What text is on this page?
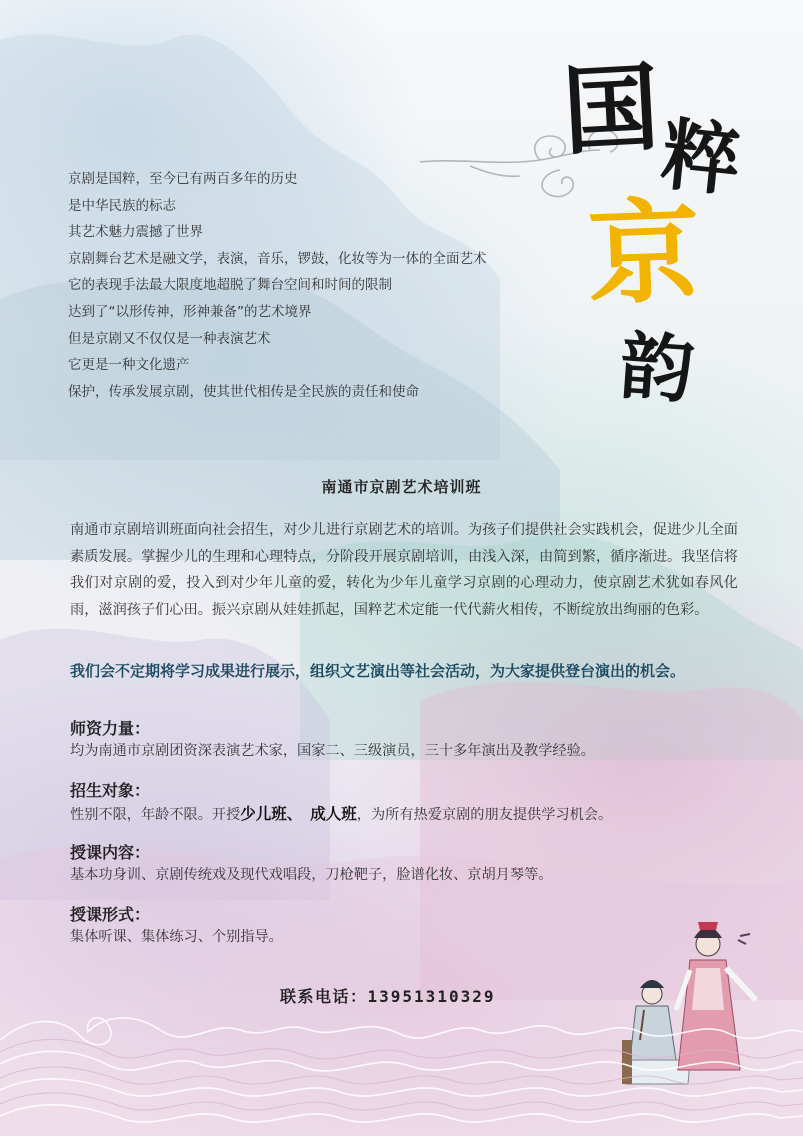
国
粹
京
韵
京剧是国粹，至今已有两百多年的历史
是中华民族的标志
其艺术魅力震撼了世界
京剧舞台艺术是融文学，表演，音乐，锣鼓，化妆等为一体的全面艺术
它的表现手法最大限度地超脱了舞台空间和时间的限制
达到了“以形传神，形神兼备”的艺术境界
但是京剧又不仅仅是一种表演艺术
它更是一种文化遗产
保护，传承发展京剧，使其世代相传是全民族的责任和使命
南通市京剧艺术培训班

南通市京剧培训班面向社会招生，对少儿进行京剧艺术的培训。为孩子们提供社会实践机会，促进少儿全面素质发展。掌握少儿的生理和心理特点，分阶段开展京剧培训，由浅入深，由简到繁，循序渐进。我坚信将我们对京剧的爱，投入到对少年儿童的爱，转化为少年儿童学习京剧的心理动力，使京剧艺术犹如春风化雨，滋润孩子们心田。振兴京剧从娃娃抓起，国粹艺术定能一代代薪火相传，不断绽放出绚丽的色彩。

我们会不定期将学习成果进行展示，组织文艺演出等社会活动，为大家提供登台演出的机会。
师资力量：
均为南通市京剧团资深表演艺术家，国家二、三级演员，三十多年演出及教学经验。
招生对象：
性别不限，年龄不限。开授少儿班、 成人班，为所有热爱京剧的朋友提供学习机会。
授课内容：
基本功身训、京剧传统戏及现代戏唱段，刀枪靶子，脸谱化妆、京胡月琴等。
授课形式：
集体听课、集体练习、个别指导。
联系电话：13951310329
